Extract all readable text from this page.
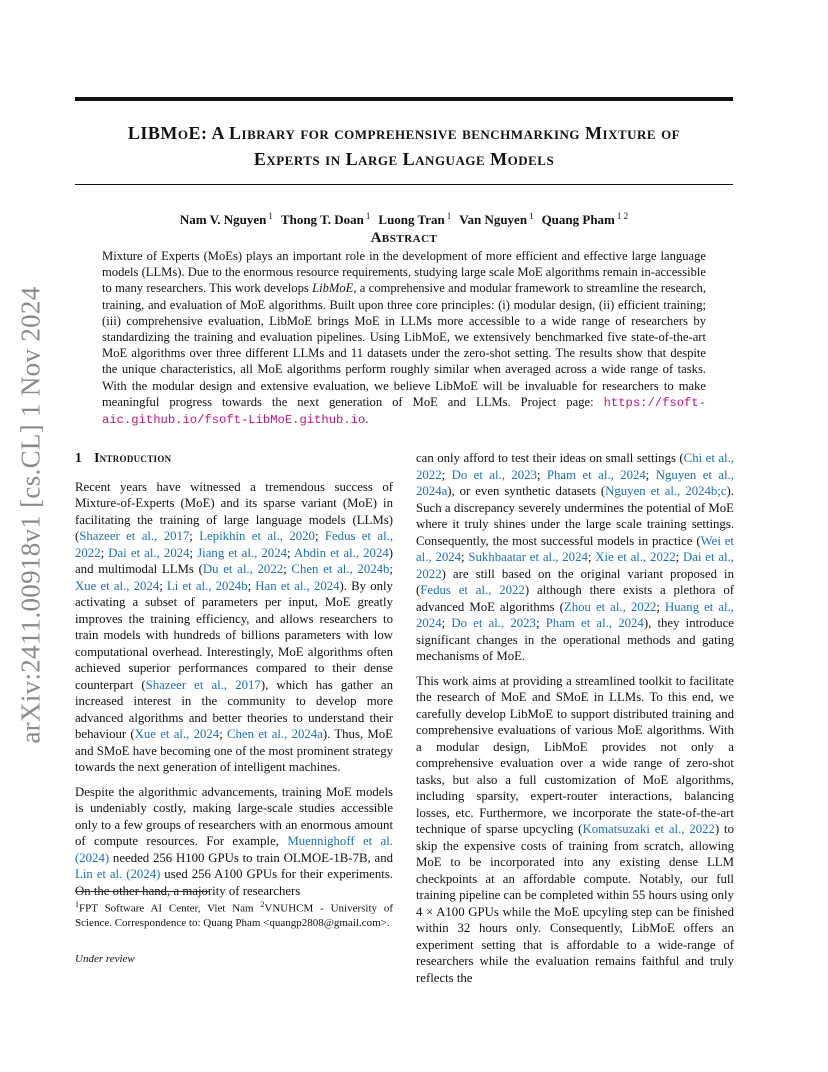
arXiv:2411.00918v1 [cs.CL] 1 Nov 2024
LIBMoE: A Library for comprehensive benchmarking Mixture of
Experts in Large Language Models
Nam V. Nguyen $^1$ Thong T. Doan $^1$ Luong Tran $^1$ Van Nguyen $^1$ Quang Pham $^{1 2}$
Abstract

Mixture of Experts (MoEs) plays an important role in the development of more efficient and effective large language models (LLMs). Due to the enormous resource requirements, studying large scale MoE algorithms remain in-accessible to many researchers. This work develops LibMoE, a comprehensive and modular framework to streamline the research, training, and evaluation of MoE algorithms. Built upon three core principles: (i) modular design, (ii) efficient training; (iii) comprehensive evaluation, LibMoE brings MoE in LLMs more accessible to a wide range of researchers by standardizing the training and evaluation pipelines. Using LibMoE, we extensively benchmarked five state-of-the-art MoE algorithms over three different LLMs and 11 datasets under the zero-shot setting. The results show that despite the unique characteristics, all MoE algorithms perform roughly similar when averaged across a wide range of tasks. With the modular design and extensive evaluation, we believe LibMoE will be invaluable for researchers to make meaningful progress towards the next generation of MoE and LLMs. Project page: https://fsoft-aic.github.io/fsoft-LibMoE.github.io.

1 Introduction

Recent years have witnessed a tremendous success of Mixture-of-Experts (MoE) and its sparse variant (MoE) in facilitating the training of large language models (LLMs) (Shazeer et al., 2017; Lepikhin et al., 2020; Fedus et al., 2022; Dai et al., 2024; Jiang et al., 2024; Abdin et al., 2024) and multimodal LLMs (Du et al., 2022; Chen et al., 2024b; Xue et al., 2024; Li et al., 2024b; Han et al., 2024). By only activating a subset of parameters per input, MoE greatly improves the training efficiency, and allows researchers to train models with hundreds of billions parameters with low computational overhead. Interestingly, MoE algorithms often achieved superior performances compared to their dense counterpart (Shazeer et al., 2017), which has gather an increased interest in the community to develop more advanced algorithms and better theories to understand their behaviour (Xue et al., 2024; Chen et al., 2024a). Thus, MoE and SMoE have becoming one of the most prominent strategy towards the next generation of intelligent machines.

Despite the algorithmic advancements, training MoE models is undeniably costly, making large-scale studies accessible only to a few groups of researchers with an enormous amount of compute resources. For example, Muennighoff et al. (2024) needed 256 H100 GPUs to train OLMOE-1B-7B, and Lin et al. (2024) used 256 A100 GPUs for their experiments. On the other hand, a majority of researchers

can only afford to test their ideas on small settings (Chi et al., 2022; Do et al., 2023; Pham et al., 2024; Nguyen et al., 2024a), or even synthetic datasets (Nguyen et al., 2024b;c). Such a discrepancy severely undermines the potential of MoE where it truly shines under the large scale training settings. Consequently, the most successful models in practice (Wei et al., 2024; Sukhbaatar et al., 2024; Xie et al., 2022; Dai et al., 2022) are still based on the original variant proposed in (Fedus et al., 2022) although there exists a plethora of advanced MoE algorithms (Zhou et al., 2022; Huang et al., 2024; Do et al., 2023; Pham et al., 2024), they introduce significant changes in the operational methods and gating mechanisms of MoE.

This work aims at providing a streamlined toolkit to facilitate the research of MoE and SMoE in LLMs. To this end, we carefully develop LibMoE to support distributed training and comprehensive evaluations of various MoE algorithms. With a modular design, LibMoE provides not only a comprehensive evaluation over a wide range of zero-shot tasks, but also a full customization of MoE algorithms, including sparsity, expert-router interactions, balancing losses, etc. Furthermore, we incorporate the state-of-the-art technique of sparse upcycling (Komatsuzaki et al., 2022) to skip the expensive costs of training from scratch, allowing MoE to be incorporated into any existing dense LLM checkpoints at an affordable compute. Notably, our full training pipeline can be completed within 55 hours using only 4 × A100 GPUs while the MoE upcyling step can be finished within 32 hours only. Consequently, LibMoE offers an experiment setting that is affordable to a wide-range of researchers while the evaluation remains faithful and truly reflects the

$^1$FPT Software AI Center, Viet Nam $^2$VNUHCM - University of Science. Correspondence to: Quang Pham <quangp2808@gmail.com>.

Under review
